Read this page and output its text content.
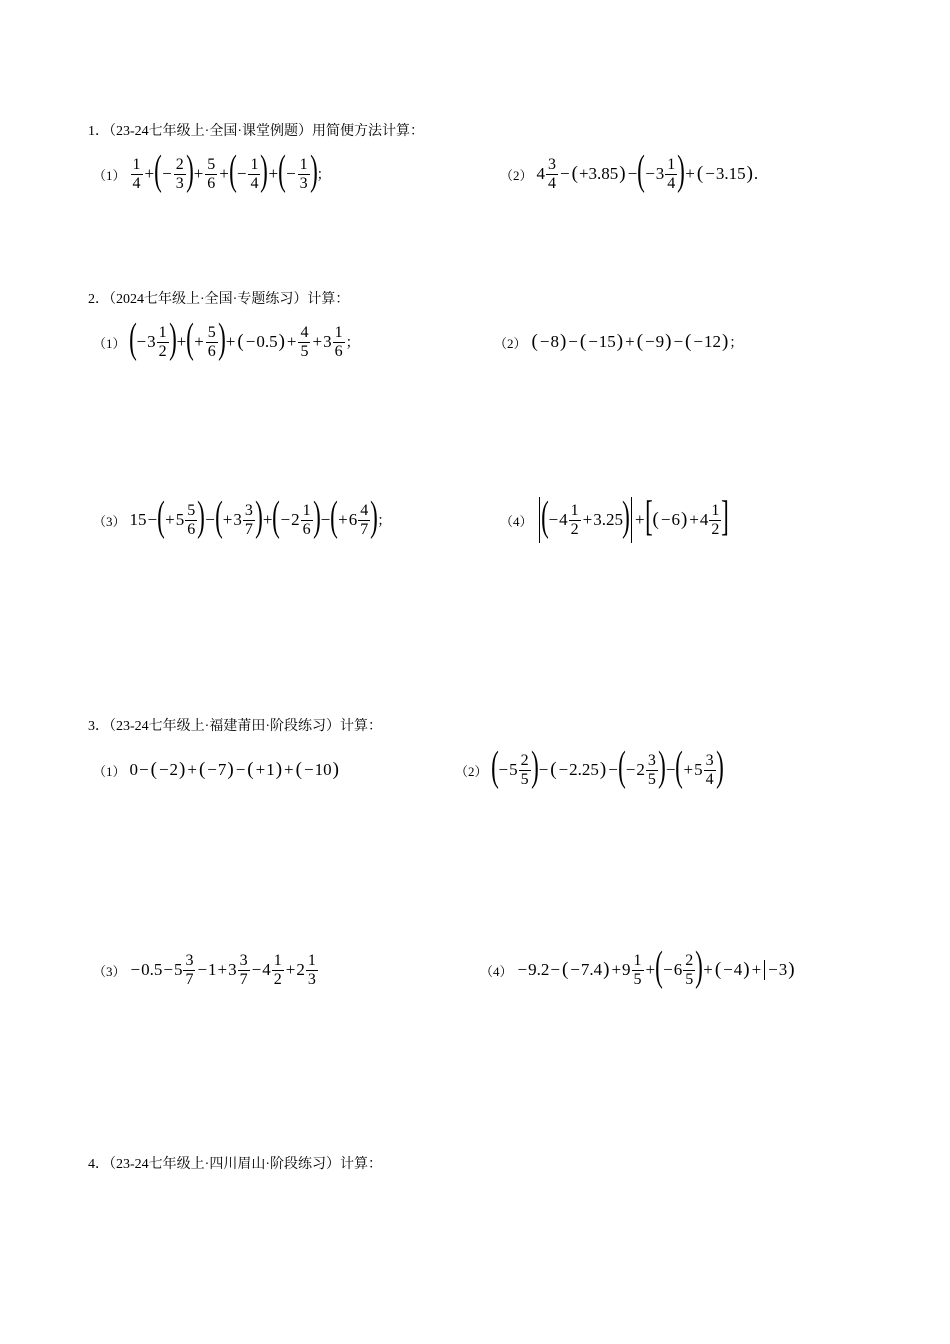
1．（23-24七年级上·全国·课堂例题）用简便方法计算：
$(1) \frac{1}{4}$ + ( − $\frac{2}{3}$ ) + $\frac{5}{6}$ + ( − $\frac{1}{4}$ ) + ( − $\frac{1}{3}$ ) ；	（2） $4 \frac{3}{4}$ − ( + 3.85 ) − ( − $3 \frac{1}{4}$ ) + ( − 3.15 ) .
2．（2024七年级上·全国·专题练习）计算：
（1） ( − $3 \frac{1}{2}$ ) + ( + $\frac{5}{6}$ ) + ( − 0.5 ) + $\frac{4}{5} + 3 \frac{1}{6}$ ；	（2） ( − 8 ) − ( − 15 ) + ( − 9 ) − ( − 12 ) ；
（3） 15 − ( + $5 \frac{5}{6}$ ) − ( + $3 \frac{3}{7}$ ) + ( − $2 \frac{1}{6}$ ) − ( + $6 \frac{4}{7}$ ) ；	（4） ( − $4 \frac{1}{2} + 3.25$ ) + [ ( − 6 ) + $4 \frac{1}{2}$ ]
3．（23-24七年级上·福建莆田·阶段练习）计算：
（1） 0 − ( − 2 ) + ( − 7 ) − ( + 1 ) + ( − 10 )	（2） ( − $5 \frac{2}{5}$ ) − ( − 2.25 ) − ( − $2 \frac{3}{5}$ ) − ( + $5 \frac{3}{4}$ )
$(3) - 0.5 - 5 \frac{3}{7} - 1 + 3 \frac{3}{7} - 4 \frac{1}{2} + 2 \frac{1}{3}$	（4） − 9.2 − ( − 7.4 ) + $9 \frac{1}{5}$ + ( − $6 \frac{2}{5}$ ) + ( − 4 ) + − 3 )
4．（23-24七年级上·四川眉山·阶段练习）计算：
